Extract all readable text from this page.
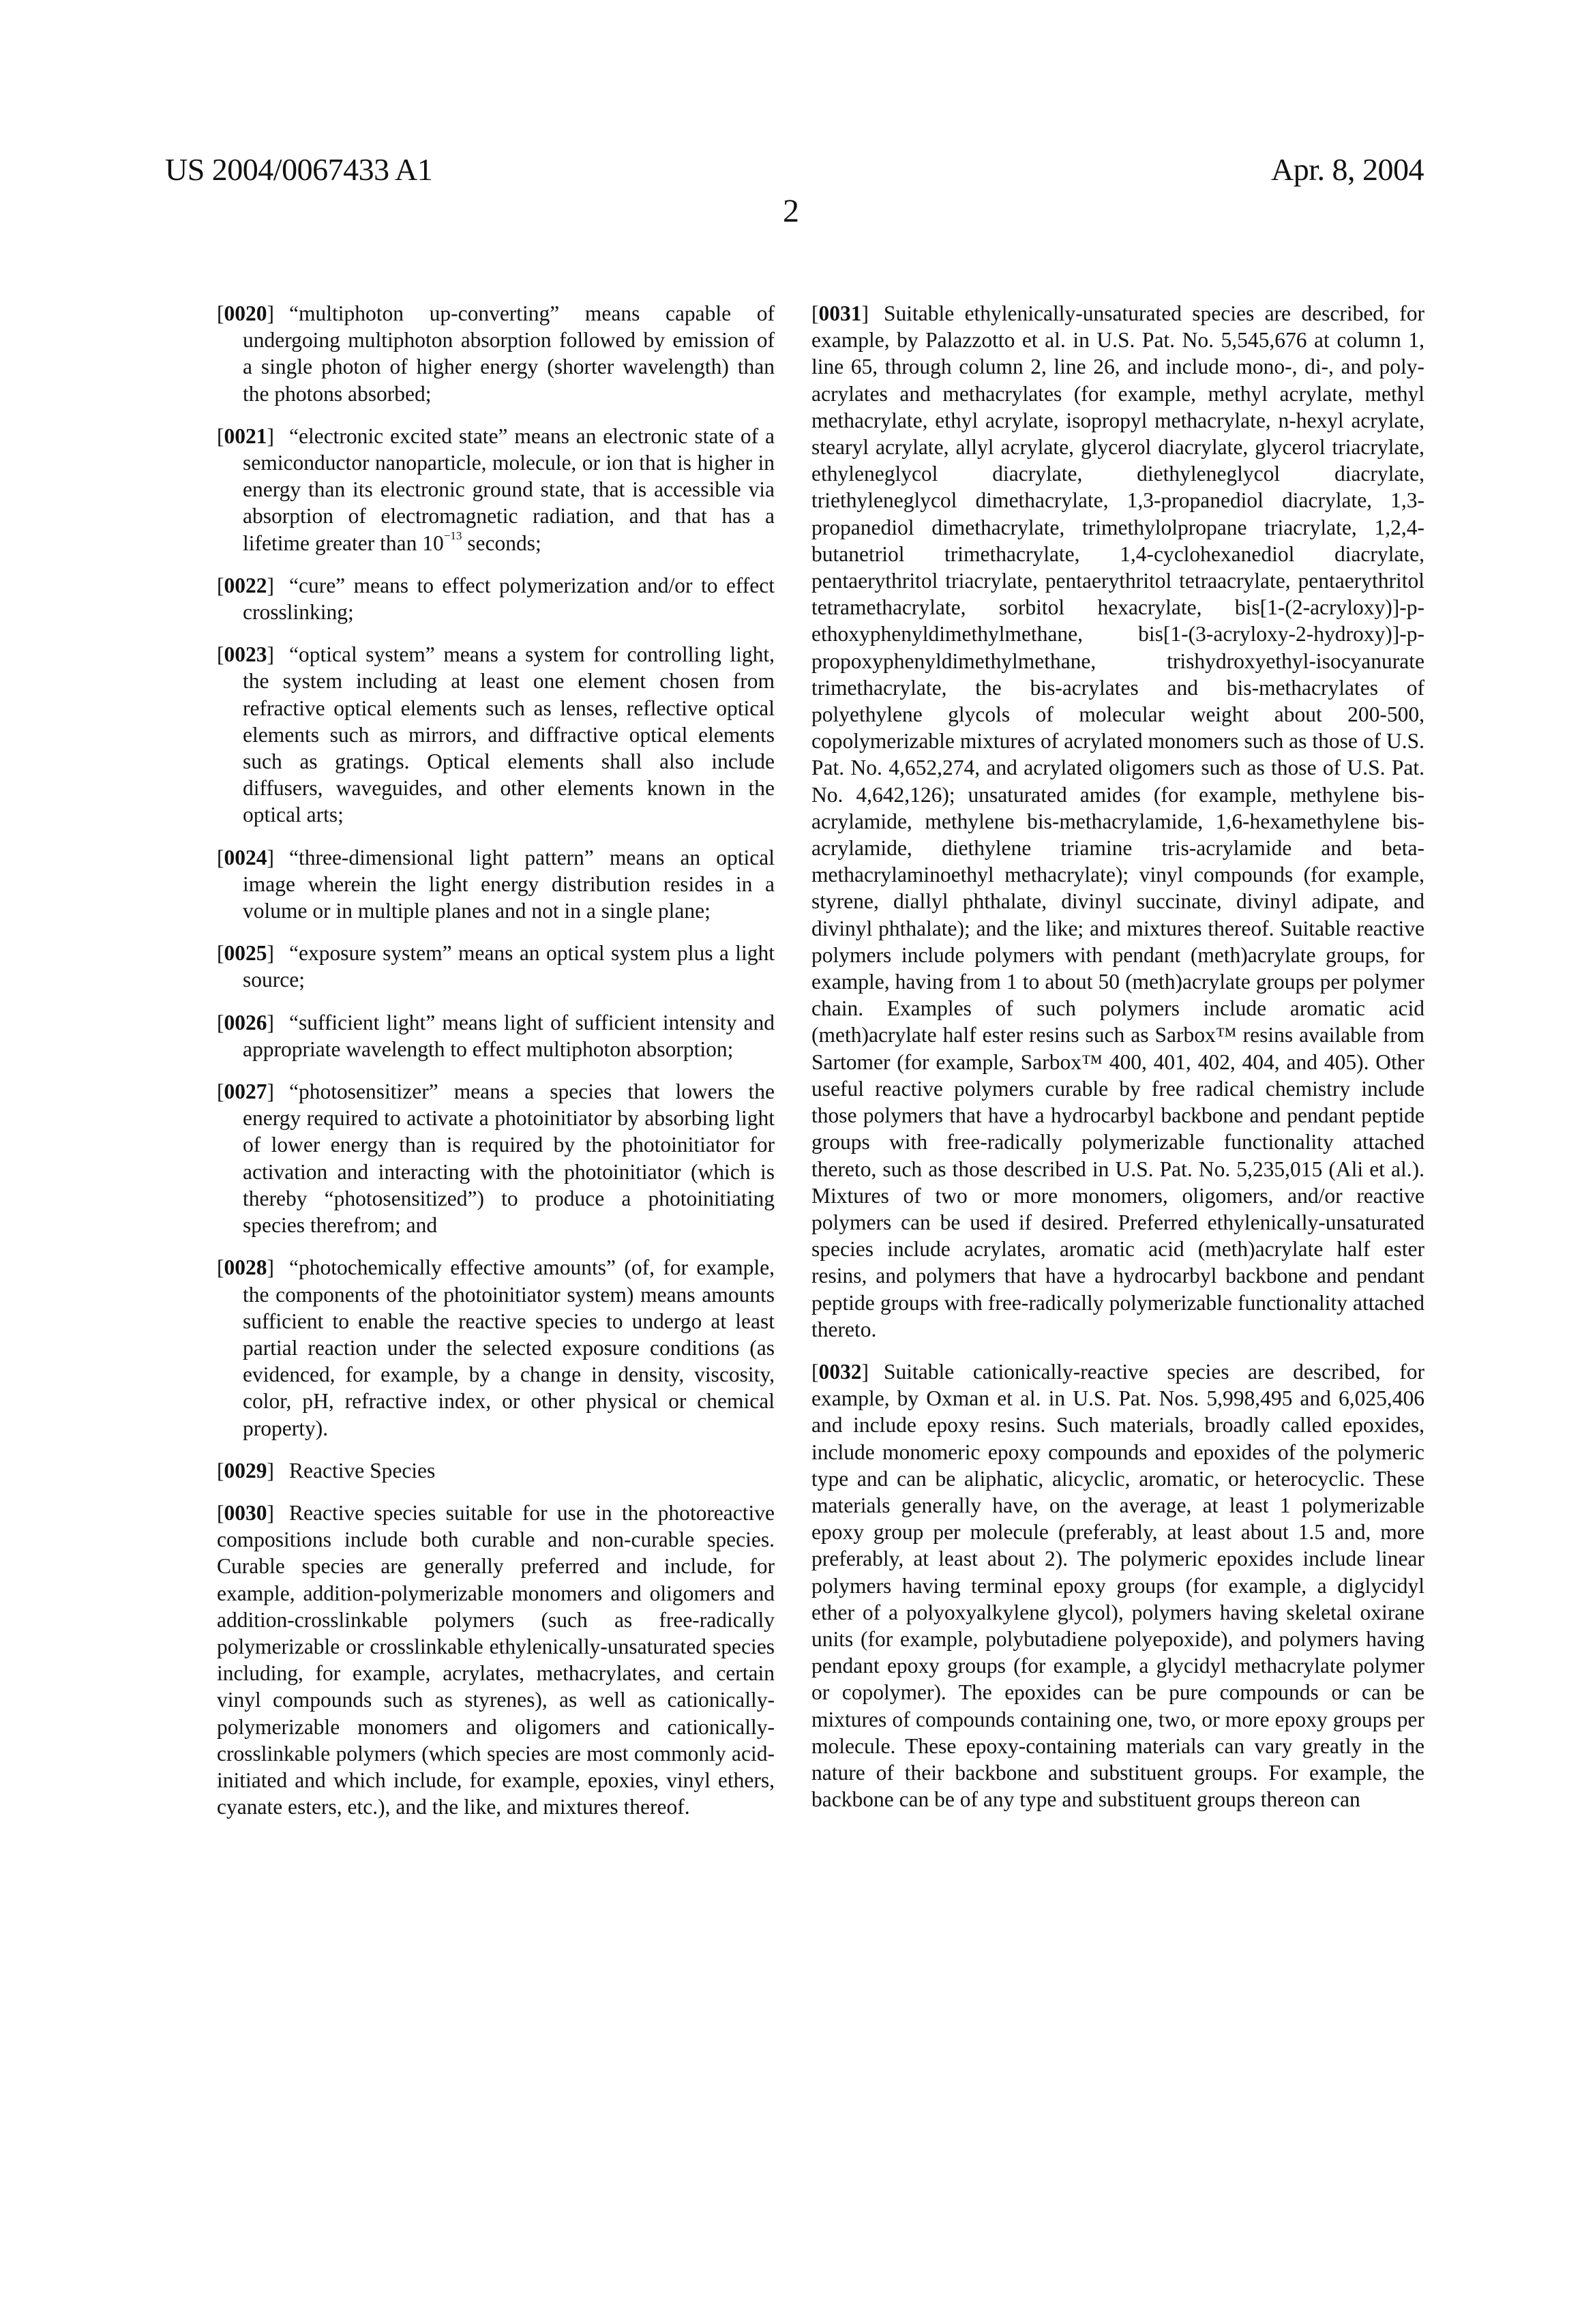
US 2004/0067433 A1	Apr. 8, 2004
2

[0020] “multiphoton up-converting” means capable of undergoing multiphoton absorption followed by emission of a single photon of higher energy (shorter wavelength) than the photons absorbed;

[0021] “electronic excited state” means an electronic state of a semiconductor nanoparticle, molecule, or ion that is higher in energy than its electronic ground state, that is accessible via absorption of electromagnetic radiation, and that has a lifetime greater than $10^{-13}$ seconds;

[0022] “cure” means to effect polymerization and/or to effect crosslinking;

[0023] “optical system” means a system for controlling light, the system including at least one element chosen from refractive optical elements such as lenses, reflective optical elements such as mirrors, and diffractive optical elements such as gratings. Optical elements shall also include diffusers, waveguides, and other elements known in the optical arts;

[0024] “three-dimensional light pattern” means an optical image wherein the light energy distribution resides in a volume or in multiple planes and not in a single plane;

[0025] “exposure system” means an optical system plus a light source;

[0026] “sufficient light” means light of sufficient intensity and appropriate wavelength to effect multiphoton absorption;

[0027] “photosensitizer” means a species that lowers the energy required to activate a photoinitiator by absorbing light of lower energy than is required by the photoinitiator for activation and interacting with the photoinitiator (which is thereby “photosensitized”) to produce a photoinitiating species therefrom; and

[0028] “photochemically effective amounts” (of, for example, the components of the photoinitiator system) means amounts sufficient to enable the reactive species to undergo at least partial reaction under the selected exposure conditions (as evidenced, for example, by a change in density, viscosity, color, pH, refractive index, or other physical or chemical property).

[0029] Reactive Species

[0030] Reactive species suitable for use in the photoreactive compositions include both curable and non-curable species. Curable species are generally preferred and include, for example, addition-polymerizable monomers and oligomers and addition-crosslinkable polymers (such as free-radically polymerizable or crosslinkable ethylenically-unsaturated species including, for example, acrylates, methacrylates, and certain vinyl compounds such as styrenes), as well as cationically-polymerizable monomers and oligomers and cationically-crosslinkable polymers (which species are most commonly acid-initiated and which include, for example, epoxies, vinyl ethers, cyanate esters, etc.), and the like, and mixtures thereof.

[0031] Suitable ethylenically-unsaturated species are described, for example, by Palazzotto et al. in U.S. Pat. No. 5,545,676 at column 1, line 65, through column 2, line 26, and include mono-, di-, and poly-acrylates and methacrylates (for example, methyl acrylate, methyl methacrylate, ethyl acrylate, isopropyl methacrylate, n-hexyl acrylate, stearyl acrylate, allyl acrylate, glycerol diacrylate, glycerol triacrylate, ethyleneglycol diacrylate, diethyleneglycol diacrylate, triethyleneglycol dimethacrylate, 1,3-propanediol diacrylate, 1,3-propanediol dimethacrylate, trimethylolpropane triacrylate, 1,2,4-butanetriol trimethacrylate, 1,4-cyclohexanediol diacrylate, pentaerythritol triacrylate, pentaerythritol tetraacrylate, pentaerythritol tetramethacrylate, sorbitol hexacrylate, bis[1-(2-acryloxy)]-p-ethoxyphenyldimethylmethane, bis[1-(3-acryloxy-2-hydroxy)]-p-propoxyphenyldimethylmethane, trishydroxyethyl-isocyanurate trimethacrylate, the bis-acrylates and bis-methacrylates of polyethylene glycols of molecular weight about 200-500, copolymerizable mixtures of acrylated monomers such as those of U.S. Pat. No. 4,652,274, and acrylated oligomers such as those of U.S. Pat. No. 4,642,126); unsaturated amides (for example, methylene bis-acrylamide, methylene bis-methacrylamide, 1,6-hexamethylene bis-acrylamide, diethylene triamine tris-acrylamide and beta-methacrylaminoethyl methacrylate); vinyl compounds (for example, styrene, diallyl phthalate, divinyl succinate, divinyl adipate, and divinyl phthalate); and the like; and mixtures thereof. Suitable reactive polymers include polymers with pendant (meth)acrylate groups, for example, having from 1 to about 50 (meth)acrylate groups per polymer chain. Examples of such polymers include aromatic acid (meth)acrylate half ester resins such as Sarbox™ resins available from Sartomer (for example, Sarbox™ 400, 401, 402, 404, and 405). Other useful reactive polymers curable by free radical chemistry include those polymers that have a hydrocarbyl backbone and pendant peptide groups with free-radically polymerizable functionality attached thereto, such as those described in U.S. Pat. No. 5,235,015 (Ali et al.). Mixtures of two or more monomers, oligomers, and/or reactive polymers can be used if desired. Preferred ethylenically-unsaturated species include acrylates, aromatic acid (meth)acrylate half ester resins, and polymers that have a hydrocarbyl backbone and pendant peptide groups with free-radically polymerizable functionality attached thereto.

[0032] Suitable cationically-reactive species are described, for example, by Oxman et al. in U.S. Pat. Nos. 5,998,495 and 6,025,406 and include epoxy resins. Such materials, broadly called epoxides, include monomeric epoxy compounds and epoxides of the polymeric type and can be aliphatic, alicyclic, aromatic, or heterocyclic. These materials generally have, on the average, at least 1 polymerizable epoxy group per molecule (preferably, at least about 1.5 and, more preferably, at least about 2). The polymeric epoxides include linear polymers having terminal epoxy groups (for example, a diglycidyl ether of a polyoxyalkylene glycol), polymers having skeletal oxirane units (for example, polybutadiene polyepoxide), and polymers having pendant epoxy groups (for example, a glycidyl methacrylate polymer or copolymer). The epoxides can be pure compounds or can be mixtures of compounds containing one, two, or more epoxy groups per molecule. These epoxy-containing materials can vary greatly in the nature of their backbone and substituent groups. For example, the backbone can be of any type and substituent groups thereon can
